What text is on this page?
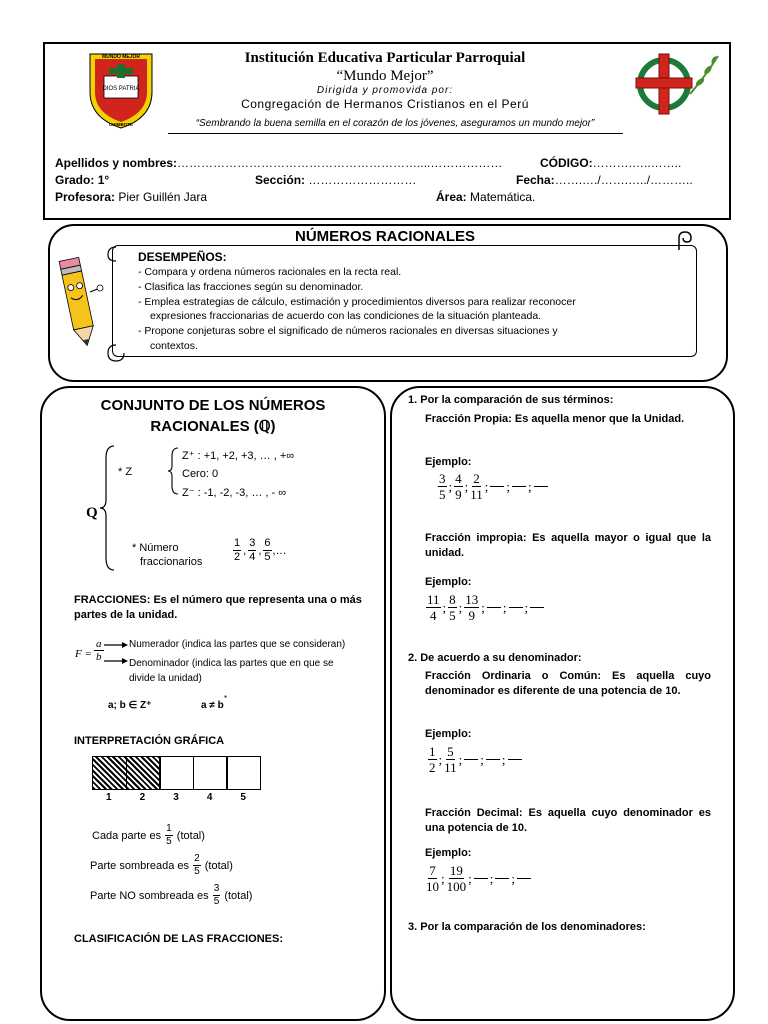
MUNDO MEJOR
DIOS PATRIA
CHIMBOTE
Institución Educativa Particular Parroquial
“Mundo Mejor”
Dirigida y promovida por:
Congregación de Hermanos Cristianos en el Perú
“Sembrando la buena semilla en el corazón de los jóvenes, aseguramos un mundo mejor”
Apellidos y nombres:……………………………………………………....………………	CÓDIGO:……….…..……..
Grado: 1°	Sección: ………………………	Fecha:…….…./…….…../………..
Profesora: Pier Guillén Jara	Área: Matemática.
NÚMEROS RACIONALES
DESEMPEÑOS:
- Compara y ordena números racionales en la recta real.
- Clasifica las fracciones según su denominador.
- Emplea estrategias de cálculo, estimación y procedimientos diversos para realizar reconocer
expresiones fraccionarias de acuerdo con las condiciones de la situación planteada.
- Propone conjeturas sobre el significado de números racionales en diversas situaciones y
contextos.
CONJUNTO DE LOS NÚMEROS
RACIONALES (ℚ)
Q
* Z
Z⁺ : +1, +2, +3, … , +∞
Cero: 0
Z⁻ : -1, -2, -3, … , - ∞
* Número
fraccionarios	$\frac{1}{2}$ , $\frac{3}{4}$ , $\frac{6}{5}$ ,…
FRACCIONES: Es el número que representa una o más partes de la unidad.
F =
a
b
Numerador (indica las partes que se consideran)
Denominador (indica las partes que en que se
divide la unidad)
a; b ∈ Z⁺	a ≠ b
*
INTERPRETACIÓN GRÁFICA
1	2	3	4	5
Cada parte es
$\frac{1}{5}$
(total)
Parte sombreada es
$\frac{2}{5}$
(total)
Parte NO sombreada es
$\frac{3}{5}$
(total)
CLASIFICACIÓN DE LAS FRACCIONES:
1. Por la comparación de sus términos:
Fracción Propia: Es aquella menor que la Unidad.
Ejemplo:
$\frac{3}{5}$ ; $\frac{4}{9}$ ; $\frac{2}{11}$ ; ; ;
Fracción impropia: Es aquella mayor o igual que la unidad.
Ejemplo:
$\frac{11}{4}$ ; $\frac{8}{5}$ ; $\frac{13}{9}$ ; ; ;
2. De acuerdo a su denominador:
Fracción Ordinaria o Común: Es aquella cuyo denominador es diferente de una potencia de 10.
Ejemplo:
$\frac{1}{2}$ ; $\frac{5}{11}$ ; ; ;
Fracción Decimal: Es aquella cuyo denominador es una potencia de 10.
Ejemplo:
$\frac{7}{10}$ ; $\frac{19}{100}$ ; ; ;
3. Por la comparación de los denominadores:
